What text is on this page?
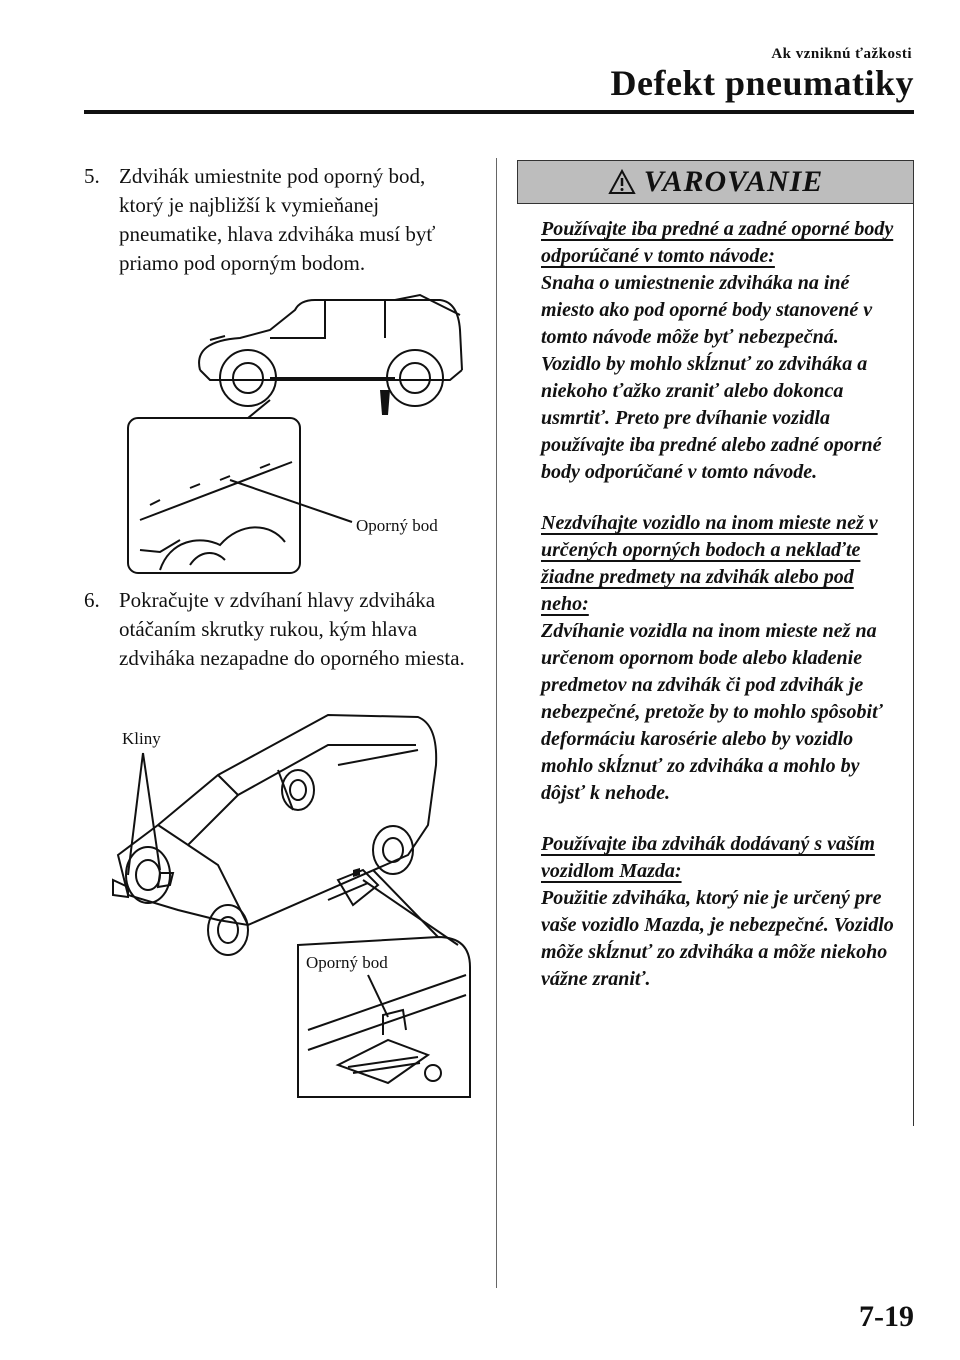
Ak vzniknú ťažkosti
Defekt pneumatiky
5. Zdvihák umiestnite pod oporný bod, ktorý je najbližší k vymieňanej pneumatike, hlava zdviháka musí byť priamo pod oporným bodom.
Oporný bod
6. Pokračujte v zdvíhaní hlavy zdviháka otáčaním skrutky rukou, kým hlava zdviháka nezapadne do oporného miesta.
Kliny
Oporný bod
VAROVANIE
Používajte iba predné a zadné oporné body odporúčané v tomto návode:
Snaha o umiestnenie zdviháka na iné miesto ako pod oporné body stanovené v tomto návode môže byť nebezpečná. Vozidlo by mohlo skĺznuť zo zdviháka a niekoho ťažko zraniť alebo dokonca usmrtiť. Preto pre dvíhanie vozidla používajte iba predné alebo zadné oporné body odporúčané v tomto návode.
Nezdvíhajte vozidlo na inom mieste než v určených oporných bodoch a neklaďte žiadne predmety na zdvihák alebo pod neho:
Zdvíhanie vozidla na inom mieste než na určenom opornom bode alebo kladenie predmetov na zdvihák či pod zdvihák je nebezpečné, pretože by to mohlo spôsobiť deformáciu karosérie alebo by vozidlo mohlo skĺznuť zo zdviháka a mohlo by dôjsť k nehode.
Používajte iba zdvihák dodávaný s vaším vozidlom Mazda:
Použitie zdviháka, ktorý nie je určený pre vaše vozidlo Mazda, je nebezpečné. Vozidlo môže skĺznuť zo zdviháka a môže niekoho vážne zraniť.
7-19
